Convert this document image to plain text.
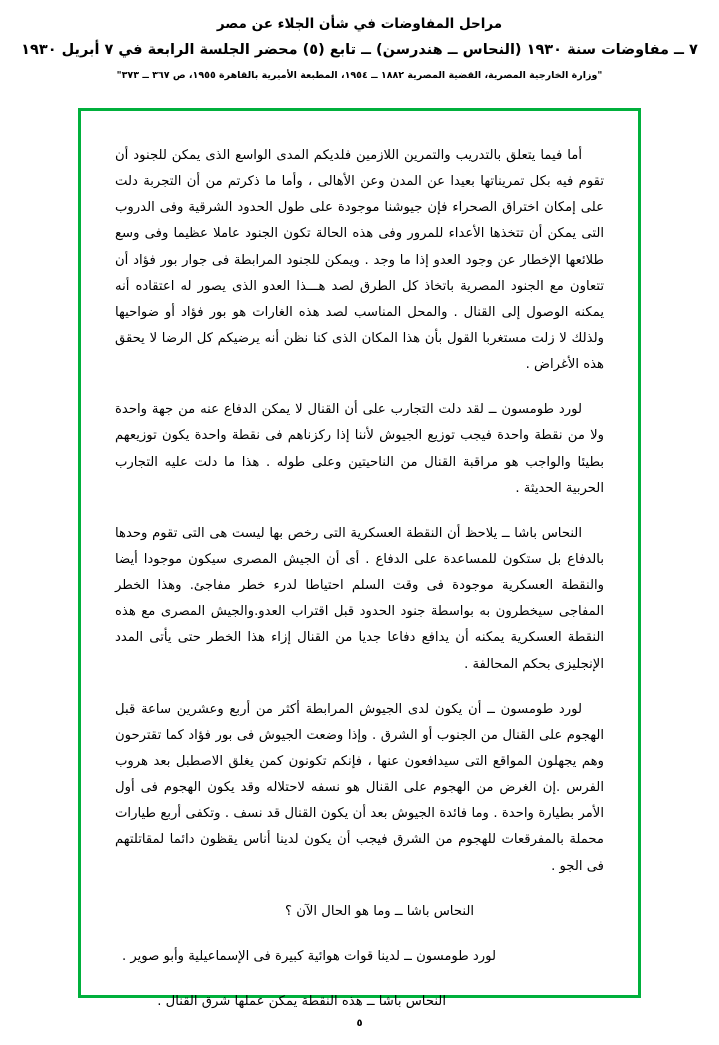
مراحل المفاوضات في شأن الجلاء عن مصر
٧ ــ مفاوضات سنة ١٩٣٠ (النحاس ــ هندرسن) ــ تابع (٥) محضر الجلسة الرابعة في ٧ أبريل ١٩٣٠
"وزارة الخارجية المصرية، القضية المصرية ١٨٨٢ ــ ١٩٥٤، المطبعة الأميرية بالقاهرة ١٩٥٥، ص ٣٦٧ ــ ٣٧٣"

أما فيما يتعلق بالتدريب والتمرين اللازمين فلديكم المدى الواسع الذى يمكن للجنود أن تقوم فيه بكل تمريناتها بعيدا عن المدن وعن الأهالى ، وأما ما ذكرتم من أن التجربة دلت على إمكان اختراق الصحراء فإن جيوشنا موجودة على طول الحدود الشرقية وفى الدروب التى يمكن أن تتخذها الأعداء للمرور وفى هذه الحالة تكون الجنود عاملا عظيما وفى وسع طلائعها الإخطار عن وجود العدو إذا ما وجد . ويمكن للجنود المرابطة فى جوار بور فؤاد أن تتعاون مع الجنود المصرية باتخاذ كل الطرق لصد هـــذا العدو الذى يصور له اعتقاده أنه يمكنه الوصول إلى القنال . والمحل المناسب لصد هذه الغارات هو بور فؤاد أو ضواحيها ولذلك لا زلت مستغربا القول بأن هذا المكان الذى كنا نظن أنه يرضيكم كل الرضا لا يحقق هذه الأغراض .

لورد طومسون ــ لقد دلت التجارب على أن القنال لا يمكن الدفاع عنه من جهة واحدة ولا من نقطة واحدة فيجب توزيع الجيوش لأننا إذا ركزناهم فى نقطة واحدة يكون توزيعهم بطيئا والواجب هو مراقبة القنال من الناحيتين وعلى طوله . هذا ما دلت عليه التجارب الحربية الحديثة .

النحاس باشا ــ يلاحظ أن النقطة العسكرية التى رخص بها ليست هى التى تقوم وحدها بالدفاع بل ستكون للمساعدة على الدفاع . أى أن الجيش المصرى سيكون موجودا أيضا والنقطة العسكرية موجودة فى وقت السلم احتياطا لدرء خطر مفاجئ. وهذا الخطر المفاجى سيخطرون به بواسطة جنود الحدود قبل اقتراب العدو.والجيش المصرى مع هذه النقطة العسكرية يمكنه أن يدافع دفاعا جديا من القنال إزاء هذا الخطر حتى يأتى المدد الإنجليزى بحكم المحالفة .

لورد طومسون ــ أن يكون لدى الجيوش المرابطة أكثر من أربع وعشرين ساعة قبل الهجوم على القنال من الجنوب أو الشرق . وإذا وضعت الجيوش فى بور فؤاد كما تقترحون وهم يجهلون المواقع التى سيدافعون عنها ، فإنكم تكونون كمن يغلق الاصطبل بعد هروب الفرس .إن الغرض من الهجوم على القنال هو نسفه لاحتلاله وقد يكون الهجوم فى أول الأمر بطيارة واحدة . وما فائدة الجيوش بعد أن يكون القنال قد نسف . وتكفى أربع طيارات محملة بالمفرقعات للهجوم من الشرق فيجب أن يكون لدينا أناس يقظون دائما لمقاتلتهم فى الجو .

النحاس باشا ــ وما هو الحال الآن ؟

لورد طومسون ــ لدينا قوات هوائية كبيرة فى الإسماعيلية وأبو صوير .

النحاس باشا ــ هذه النقطة يمكن عملها شرق القنال .

٥
